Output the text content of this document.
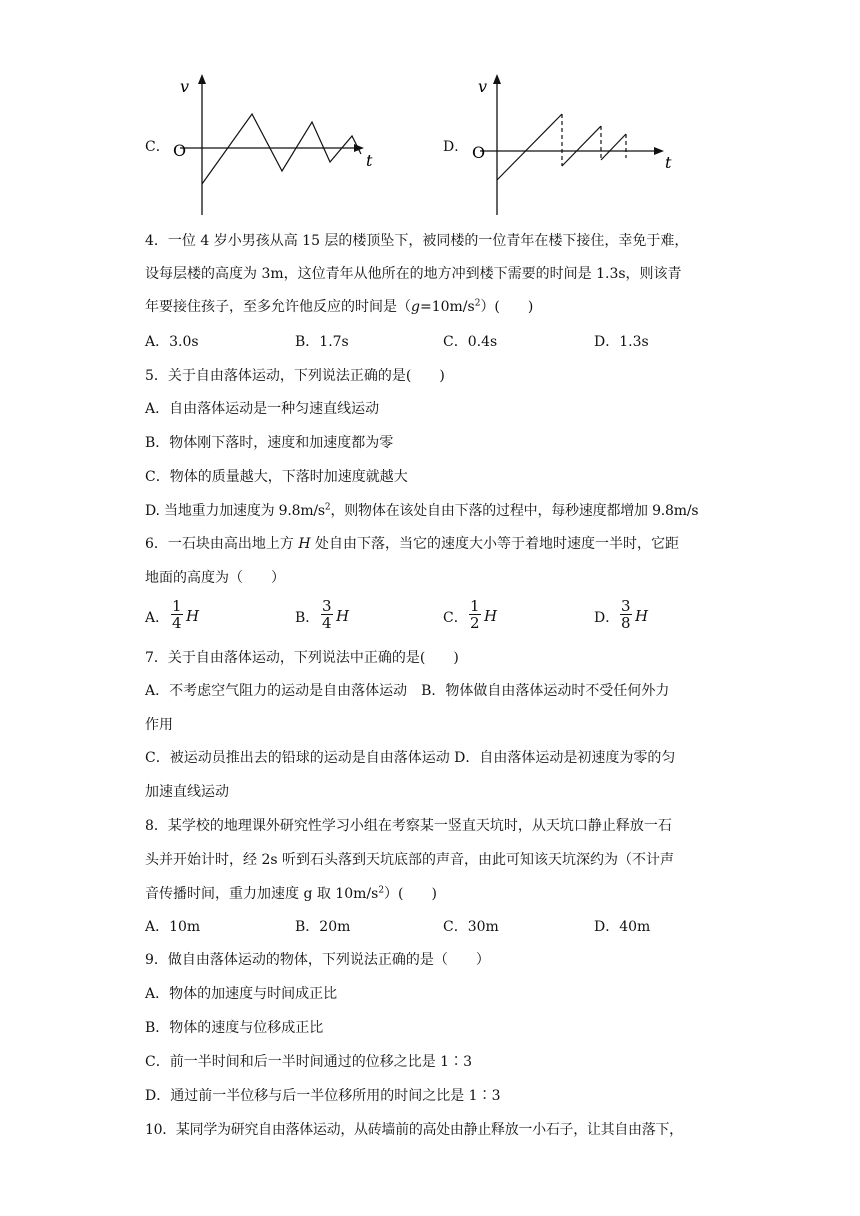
C．
v
O
t
D．
v
O
t
4．一位 4 岁小男孩从高 15 层的楼顶坠下，被同楼的一位青年在楼下接住，幸免于难，
设每层楼的高度为 3m，这位青年从他所在的地方冲到楼下需要的时间是 1.3s，则该青
年要接住孩子，至多允许他反应的时间是$(g=10m/s^2)$(　　)
A．3.0s	B．1.7s	C．0.4s	D．1.3s
5．关于自由落体运动，下列说法正确的是(　　)
A．自由落体运动是一种匀速直线运动
B．物体刚下落时，速度和加速度都为零
C．物体的质量越大，下落时加速度就越大
D. 当地重力加速度为 $9.8m/s^2$，则物体在该处自由下落的过程中，每秒速度都增加 9.8m/s
6．一石块由高出地上方 H 处自由下落，当它的速度大小等于着地时速度一半时，它距
地面的高度为（　　）
A． $\frac{1}{4}$ H	B． $\frac{3}{4}$ H	C． $\frac{1}{2}$ H	D． $\frac{3}{8}$ H
7．关于自由落体运动，下列说法中正确的是(　　)
A．不考虑空气阻力的运动是自由落体运动　B．物体做自由落体运动时不受任何外力
作用
C．被运动员推出去的铅球的运动是自由落体运动 D．自由落体运动是初速度为零的匀
加速直线运动
8．某学校的地理课外研究性学习小组在考察某一竖直天坑时，从天坑口静止释放一石
头并开始计时，经 2s 听到石头落到天坑底部的声音，由此可知该天坑深约为（不计声
音传播时间，重力加速度 g 取 $10m/s^2$）(　　)
A．10m	B．20m	C．30m	D．40m
9．做自由落体运动的物体，下列说法正确的是（　　）
A．物体的加速度与时间成正比
B．物体的速度与位移成正比
C．前一半时间和后一半时间通过的位移之比是 1∶3
D．通过前一半位移与后一半位移所用的时间之比是 1∶3
10．某同学为研究自由落体运动，从砖墙前的高处由静止释放一小石子，让其自由落下，
